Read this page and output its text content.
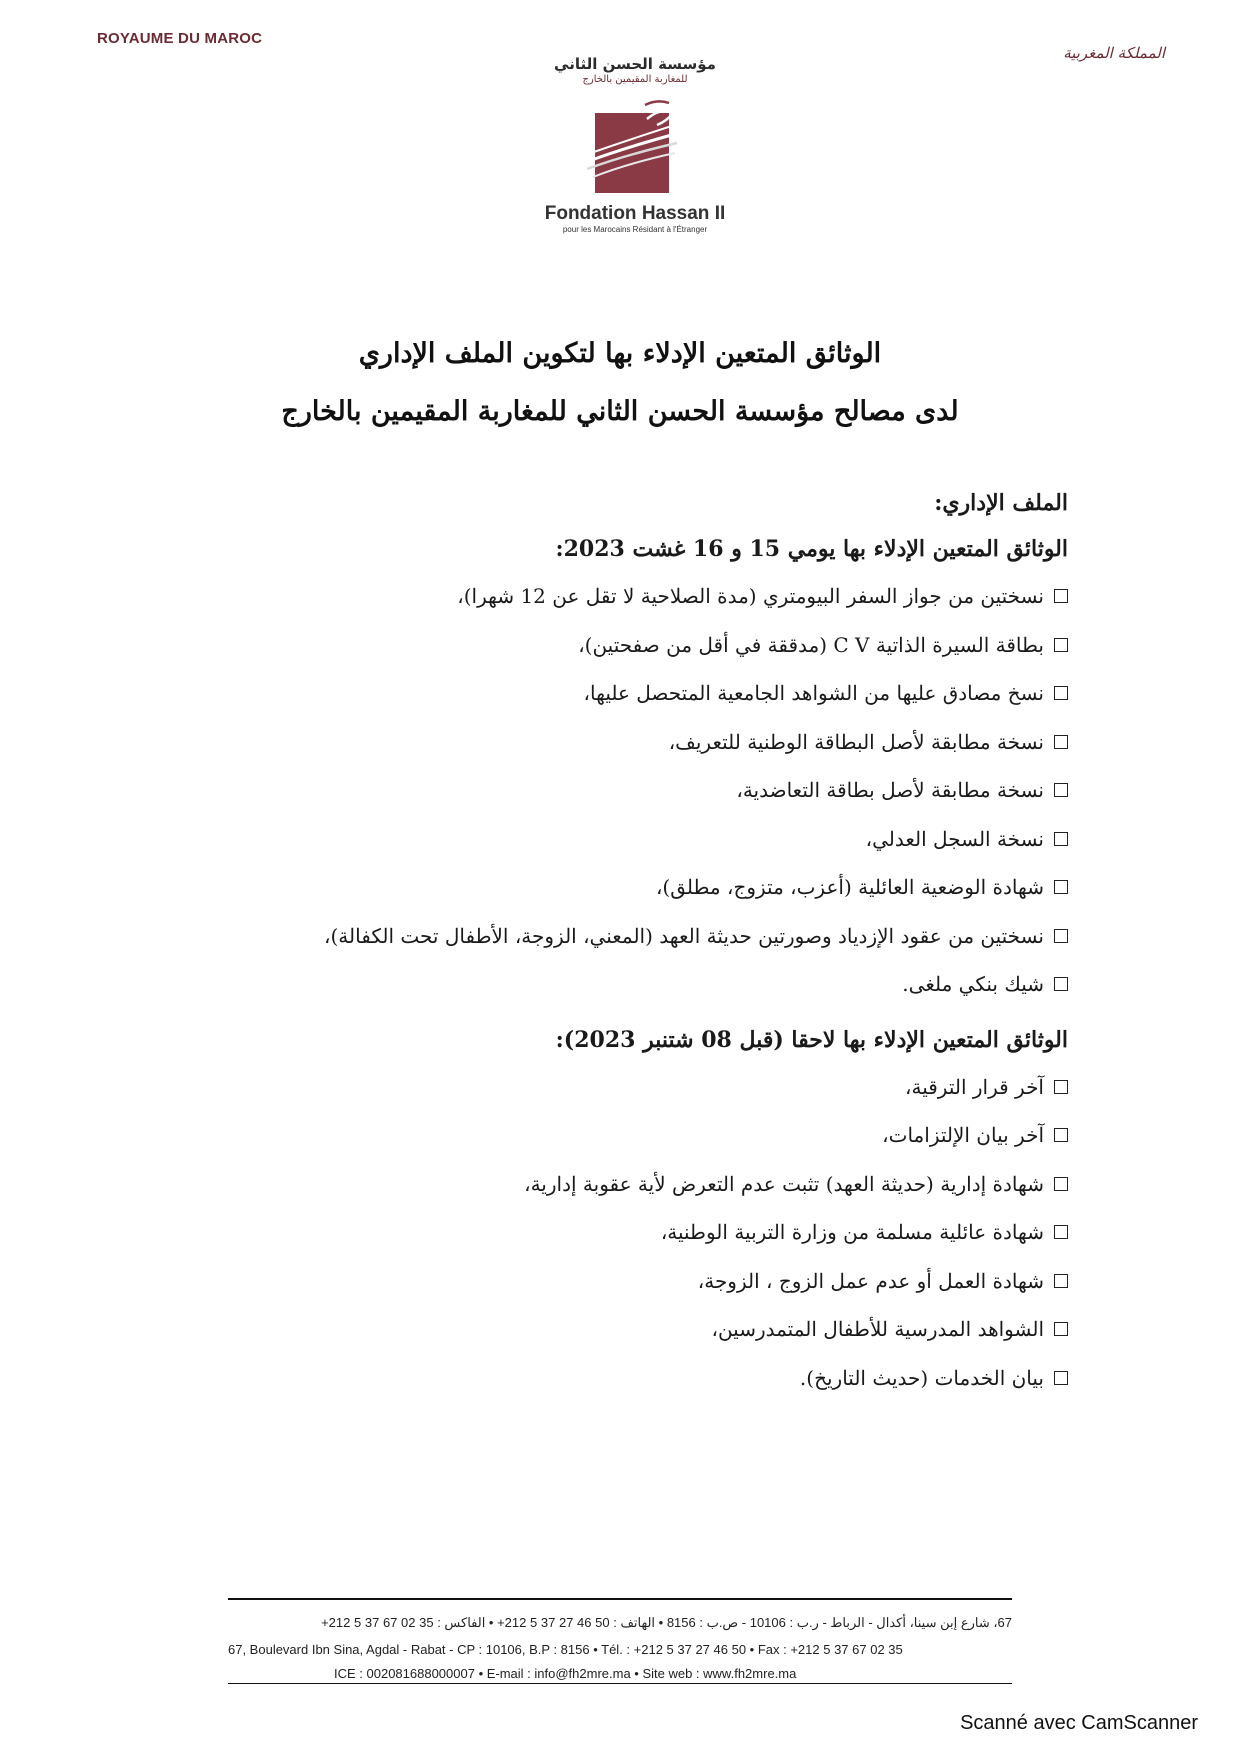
ROYAUME DU MAROC
المملكة المغربية
مؤسسة الحسن الثاني
للمغاربة المقيمين بالخارج
Fondation Hassan II
pour les Marocains Résidant à l'Étranger
الوثائق المتعين الإدلاء بها لتكوين الملف الإداري
لدى مصالح مؤسسة الحسن الثاني للمغاربة المقيمين بالخارج

الملف الإداري:

الوثائق المتعين الإدلاء بها يومي 15 و 16 غشت 2023:

نسختين من جواز السفر البيومتري (مدة الصلاحية لا تقل عن 12 شهرا)،
بطاقة السيرة الذاتية C V (مدققة في أقل من صفحتين)،
نسخ مصادق عليها من الشواهد الجامعية المتحصل عليها،
نسخة مطابقة لأصل البطاقة الوطنية للتعريف،
نسخة مطابقة لأصل بطاقة التعاضدية،
نسخة السجل العدلي،
شهادة الوضعية العائلية (أعزب، متزوج، مطلق)،
نسختين من عقود الإزدياد وصورتين حديثة العهد (المعني، الزوجة، الأطفال تحت الكفالة)،
شيك بنكي ملغى.

الوثائق المتعين الإدلاء بها لاحقا (قبل 08 شتنبر 2023):

آخر قرار الترقية،
آخر بيان الإلتزامات،
شهادة إدارية (حديثة العهد) تثبت عدم التعرض لأية عقوبة إدارية،
شهادة عائلية مسلمة من وزارة التربية الوطنية،
شهادة العمل أو عدم عمل الزوج ، الزوجة،
الشواهد المدرسية للأطفال المتمدرسين،
بيان الخدمات (حديث التاريخ).
67، شارع إبن سينا، أكدال - الرباط - ر.ب : 10106 - ص.ب : 8156 • الهاتف : 50 46 27 37 5 212+ • الفاكس : 35 02 67 37 5 212+
67, Boulevard Ibn Sina, Agdal - Rabat - CP : 10106, B.P : 8156 • Tél. : +212 5 37 27 46 50 • Fax : +212 5 37 67 02 35
ICE : 002081688000007 • E-mail : info@fh2mre.ma • Site web : www.fh2mre.ma
Scanné avec CamScanner
